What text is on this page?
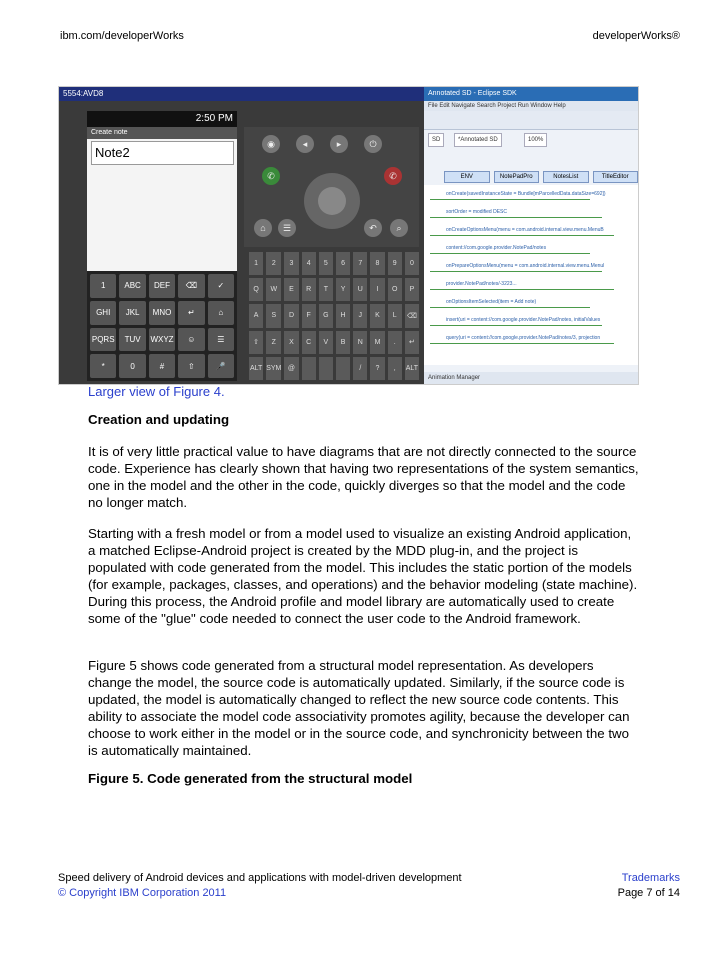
ibm.com/developerWorks	developerWorks®
5554:AVD8
2:50 PM
Create note
Note2
1	ABC	DEF	⌫	✓
GHI	JKL	MNO	↵	⌂
PQRS	TUV	WXYZ	☺	☰
*	0	#	⇧	🎤
◉	◂	▸	⏻
✆	✆
⌂	☰	↶	⌕
1	2	3	4	5	6	7	8	9	0
Q	W	E	R	T	Y	U	I	O	P
A	S	D	F	G	H	J	K	L	⌫
⇧	Z	X	C	V	B	N	M	.	↵
ALT SYM @	/	?	,	ALT
Annotated SD - Eclipse SDK
File Edit Navigate Search Project Run Window Help
SD	*Annotated SD	100%
ENV	NotePadPro	NotesList	TitleEditor
onCreate(savedInstanceState = Bundle[mParcelledData.dataSize=692])
sortOrder = modified DESC
onCreateOptionsMenu(menu = com.android.internal.view.menu.MenuB
content://com.google.provider.NotePad/notes
onPrepareOptionsMenu(menu = com.android.internal.view.menu.Menul
provider.NotePad/notes/-3223...
onOptionsItemSelected(item = Add note)
insert(uri = content://com.google.provider.NotePad/notes, initialValues
query(uri = content://com.google.provider.NotePad/notes/3, projection
Animation Manager
Larger view of Figure 4.
Creation and updating

It is of very little practical value to have diagrams that are not directly connected to the source code. Experience has clearly shown that having two representations of the system semantics, one in the model and the other in the code, quickly diverges so that the model and the code no longer match.

Starting with a fresh model or from a model used to visualize an existing Android application, a matched Eclipse-Android project is created by the MDD plug-in, and the project is populated with code generated from the model. This includes the static portion of the models (for example, packages, classes, and operations) and the behavior modeling (state machine). During this process, the Android profile and model library are automatically used to create some of the "glue" code needed to connect the user code to the Android framework.

Figure 5 shows code generated from a structural model representation. As developers change the model, the source code is automatically updated. Similarly, if the source code is updated, the model is automatically changed to reflect the new source code contents. This ability to associate the model code associativity promotes agility, because the developer can choose to work either in the model or in the source code, and synchronicity between the two is automatically maintained.

Figure 5. Code generated from the structural model
Speed delivery of Android devices and applications with model-driven development
© Copyright IBM Corporation 2011
Trademarks
Page 7 of 14
